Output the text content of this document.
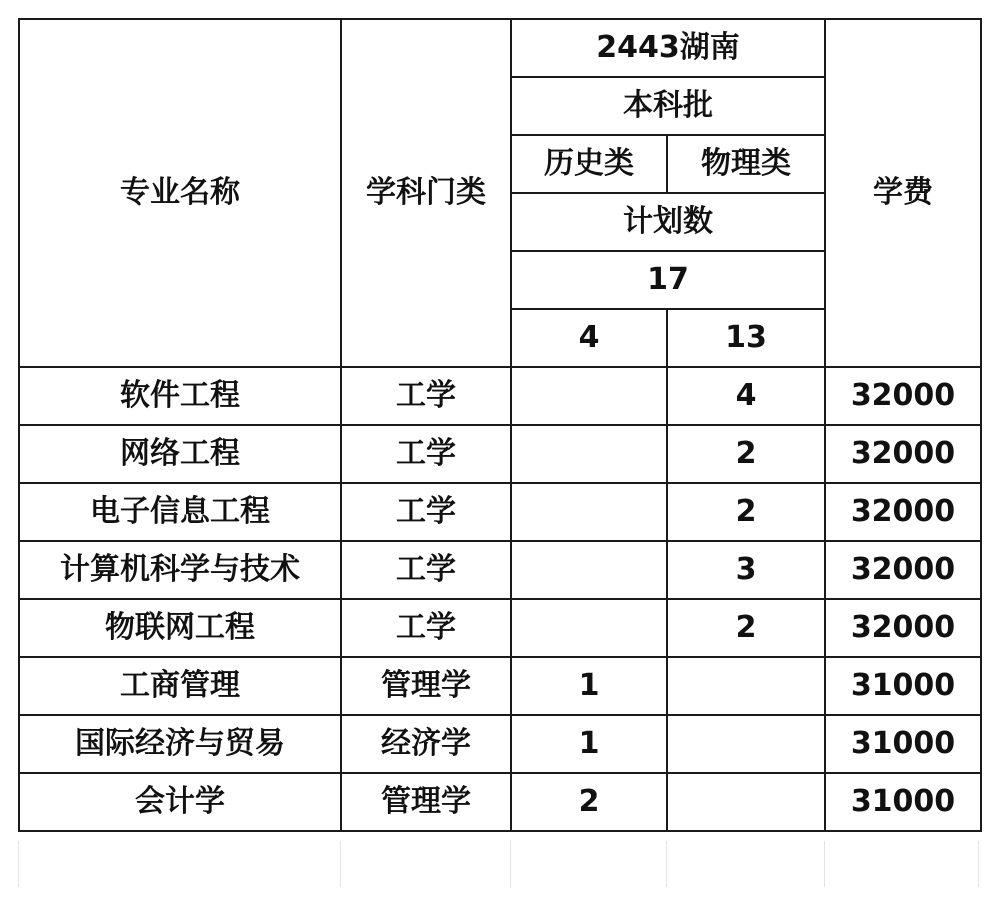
专业名称	学科门类	2443湖南		学费
		本科批		
		历史类	物理类	
		计划数		
		17		
		4	13	
软件工程	工学		4	32000
网络工程	工学		2	32000
电子信息工程	工学		2	32000
计算机科学与技术	工学		3	32000
物联网工程	工学		2	32000
工商管理	管理学	1		31000
国际经济与贸易	经济学	1		31000
会计学	管理学	2		31000
